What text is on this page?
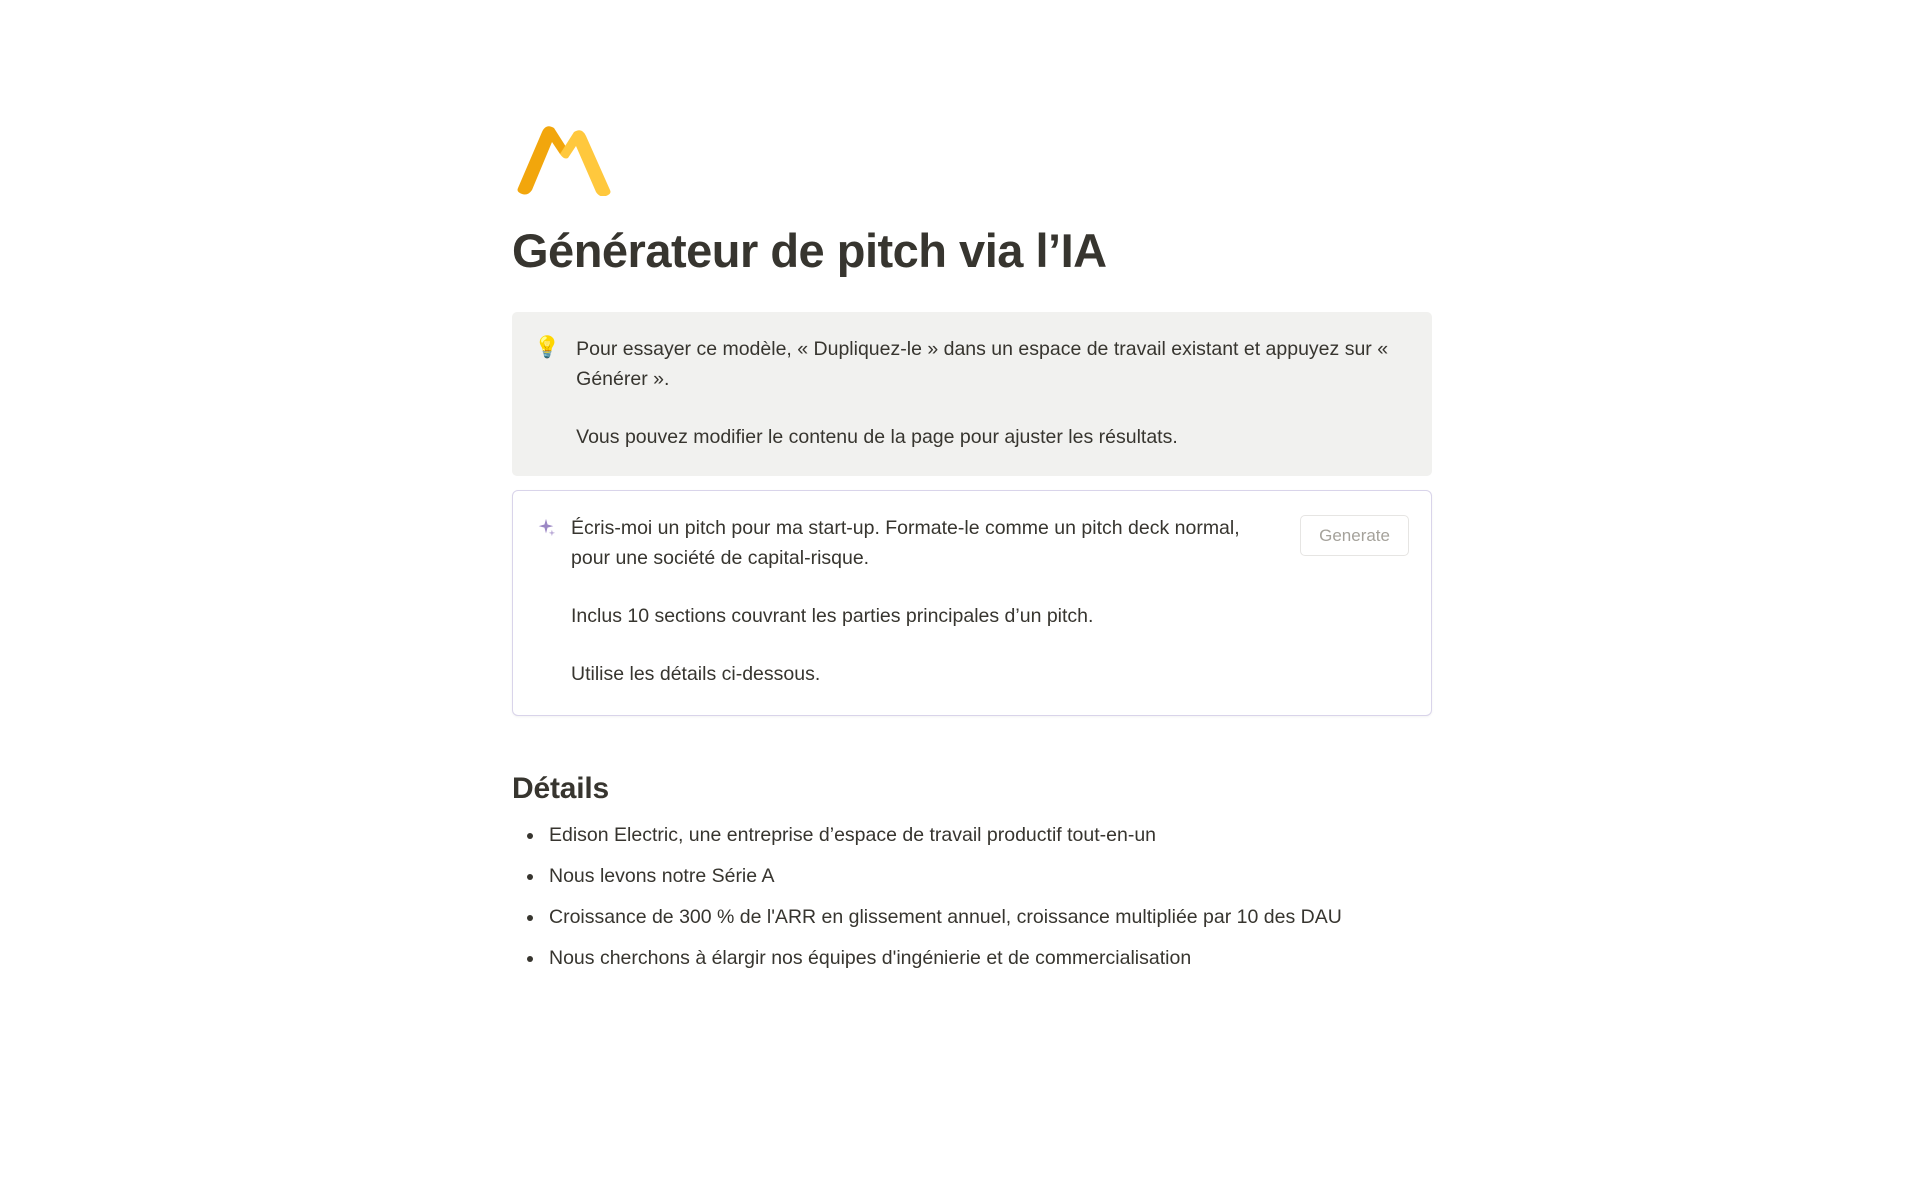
Générateur de pitch via l’IA
💡 Pour essayer ce modèle, « Dupliquez-le » dans un espace de travail existant et appuyez sur « Générer ».

Vous pouvez modifier le contenu de la page pour ajuster les résultats.

Écris-moi un pitch pour ma start-up. Formate-le comme un pitch deck normal, pour une société de capital-risque.

Inclus 10 sections couvrant les parties principales d’un pitch.

Utilise les détails ci-dessous.

Generate
Détails
Edison Electric, une entreprise d’espace de travail productif tout-en-un
Nous levons notre Série A
Croissance de 300 % de l'ARR en glissement annuel, croissance multipliée par 10 des DAU
Nous cherchons à élargir nos équipes d'ingénierie et de commercialisation
